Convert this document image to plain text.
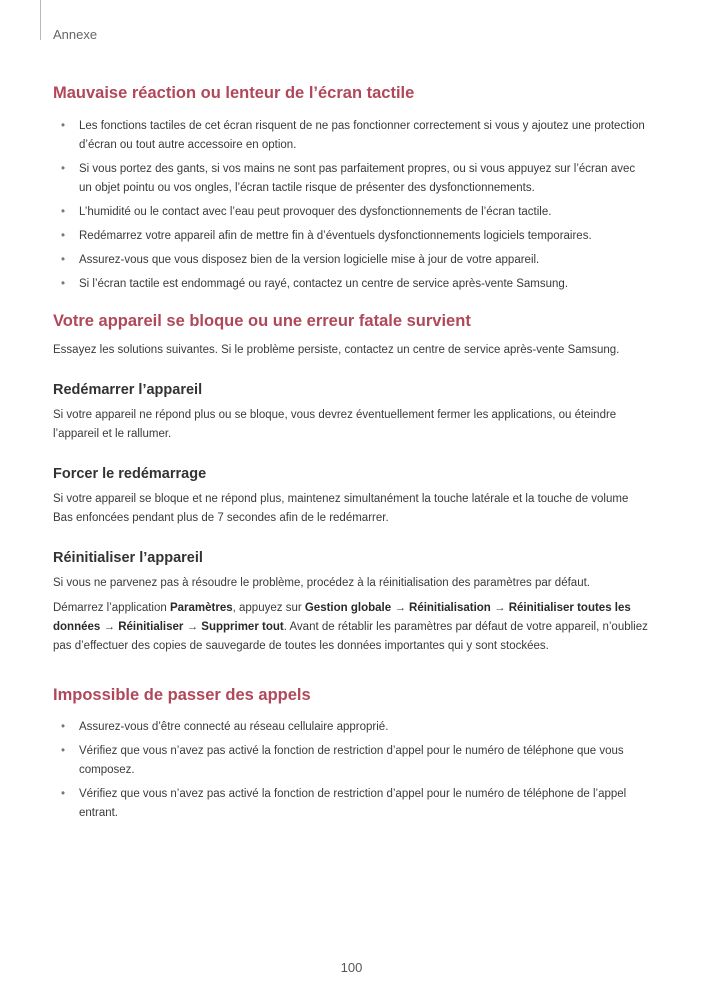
Annexe
Mauvaise réaction ou lenteur de l’écran tactile
• Les fonctions tactiles de cet écran risquent de ne pas fonctionner correctement si vous y ajoutez une protection d’écran ou tout autre accessoire en option.
• Si vous portez des gants, si vos mains ne sont pas parfaitement propres, ou si vous appuyez sur l’écran avec un objet pointu ou vos ongles, l’écran tactile risque de présenter des dysfonctionnements.
• L’humidité ou le contact avec l’eau peut provoquer des dysfonctionnements de l’écran tactile.
• Redémarrez votre appareil afin de mettre fin à d’éventuels dysfonctionnements logiciels temporaires.
• Assurez-vous que vous disposez bien de la version logicielle mise à jour de votre appareil.
• Si l’écran tactile est endommagé ou rayé, contactez un centre de service après-vente Samsung.
Votre appareil se bloque ou une erreur fatale survient

Essayez les solutions suivantes. Si le problème persiste, contactez un centre de service après-vente Samsung.

Redémarrer l’appareil

Si votre appareil ne répond plus ou se bloque, vous devrez éventuellement fermer les applications, ou éteindre l’appareil et le rallumer.

Forcer le redémarrage

Si votre appareil se bloque et ne répond plus, maintenez simultanément la touche latérale et la touche de volume Bas enfoncées pendant plus de 7 secondes afin de le redémarrer.

Réinitialiser l’appareil

Si vous ne parvenez pas à résoudre le problème, procédez à la réinitialisation des paramètres par défaut.

Démarrez l’application Paramètres, appuyez sur Gestion globale → Réinitialisation → Réinitialiser toutes les données → Réinitialiser → Supprimer tout. Avant de rétablir les paramètres par défaut de votre appareil, n’oubliez pas d’effectuer des copies de sauvegarde de toutes les données importantes qui y sont stockées.

Impossible de passer des appels
• Assurez-vous d’être connecté au réseau cellulaire approprié.
• Vérifiez que vous n’avez pas activé la fonction de restriction d’appel pour le numéro de téléphone que vous composez.
• Vérifiez que vous n’avez pas activé la fonction de restriction d’appel pour le numéro de téléphone de l’appel entrant.
100
